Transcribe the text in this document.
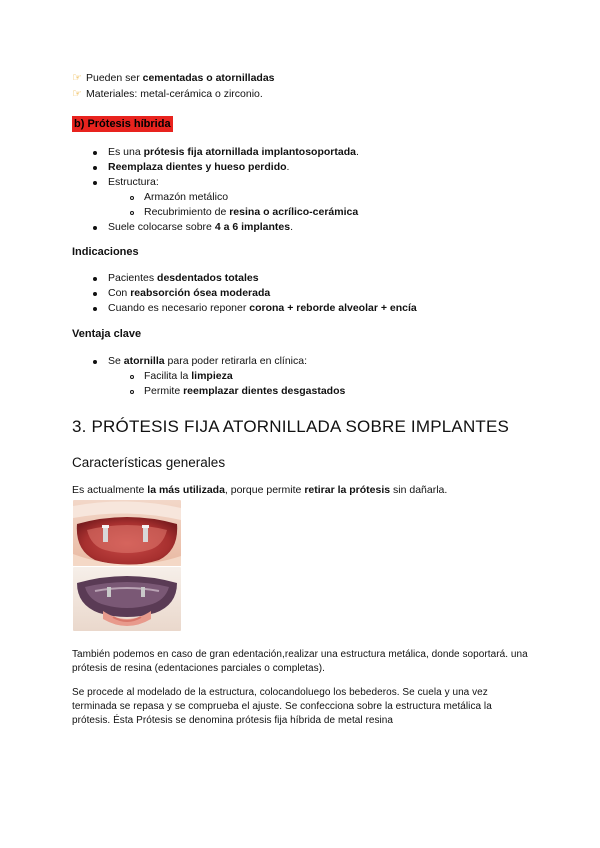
☞ Pueden ser cementadas o atornilladas
☞ Materiales: metal-cerámica o zirconio.
b) Prótesis híbrida
Es una prótesis fija atornillada implantosoportada.
Reemplaza dientes y hueso perdido.
Estructura:
Armazón metálico
Recubrimiento de resina o acrílico-cerámica
Suele colocarse sobre 4 a 6 implantes.
Indicaciones
Pacientes desdentados totales
Con reabsorción ósea moderada
Cuando es necesario reponer corona + reborde alveolar + encía
Ventaja clave
Se atornilla para poder retirarla en clínica:
Facilita la limpieza
Permite reemplazar dientes desgastados
3. PRÓTESIS FIJA ATORNILLADA SOBRE IMPLANTES
Características generales
Es actualmente la más utilizada, porque permite retirar la prótesis sin dañarla.
También podemos en caso de gran edentación,realizar una estructura metálica, donde soportará. una prótesis de resina (edentaciones parciales o completas).
Se procede al modelado de la estructura, colocandoluego los bebederos. Se cuela y una vez terminada se repasa y se comprueba el ajuste. Se confecciona sobre la estructura metálica la prótesis. Ésta Prótesis se denomina prótesis fija híbrida de metal resina
